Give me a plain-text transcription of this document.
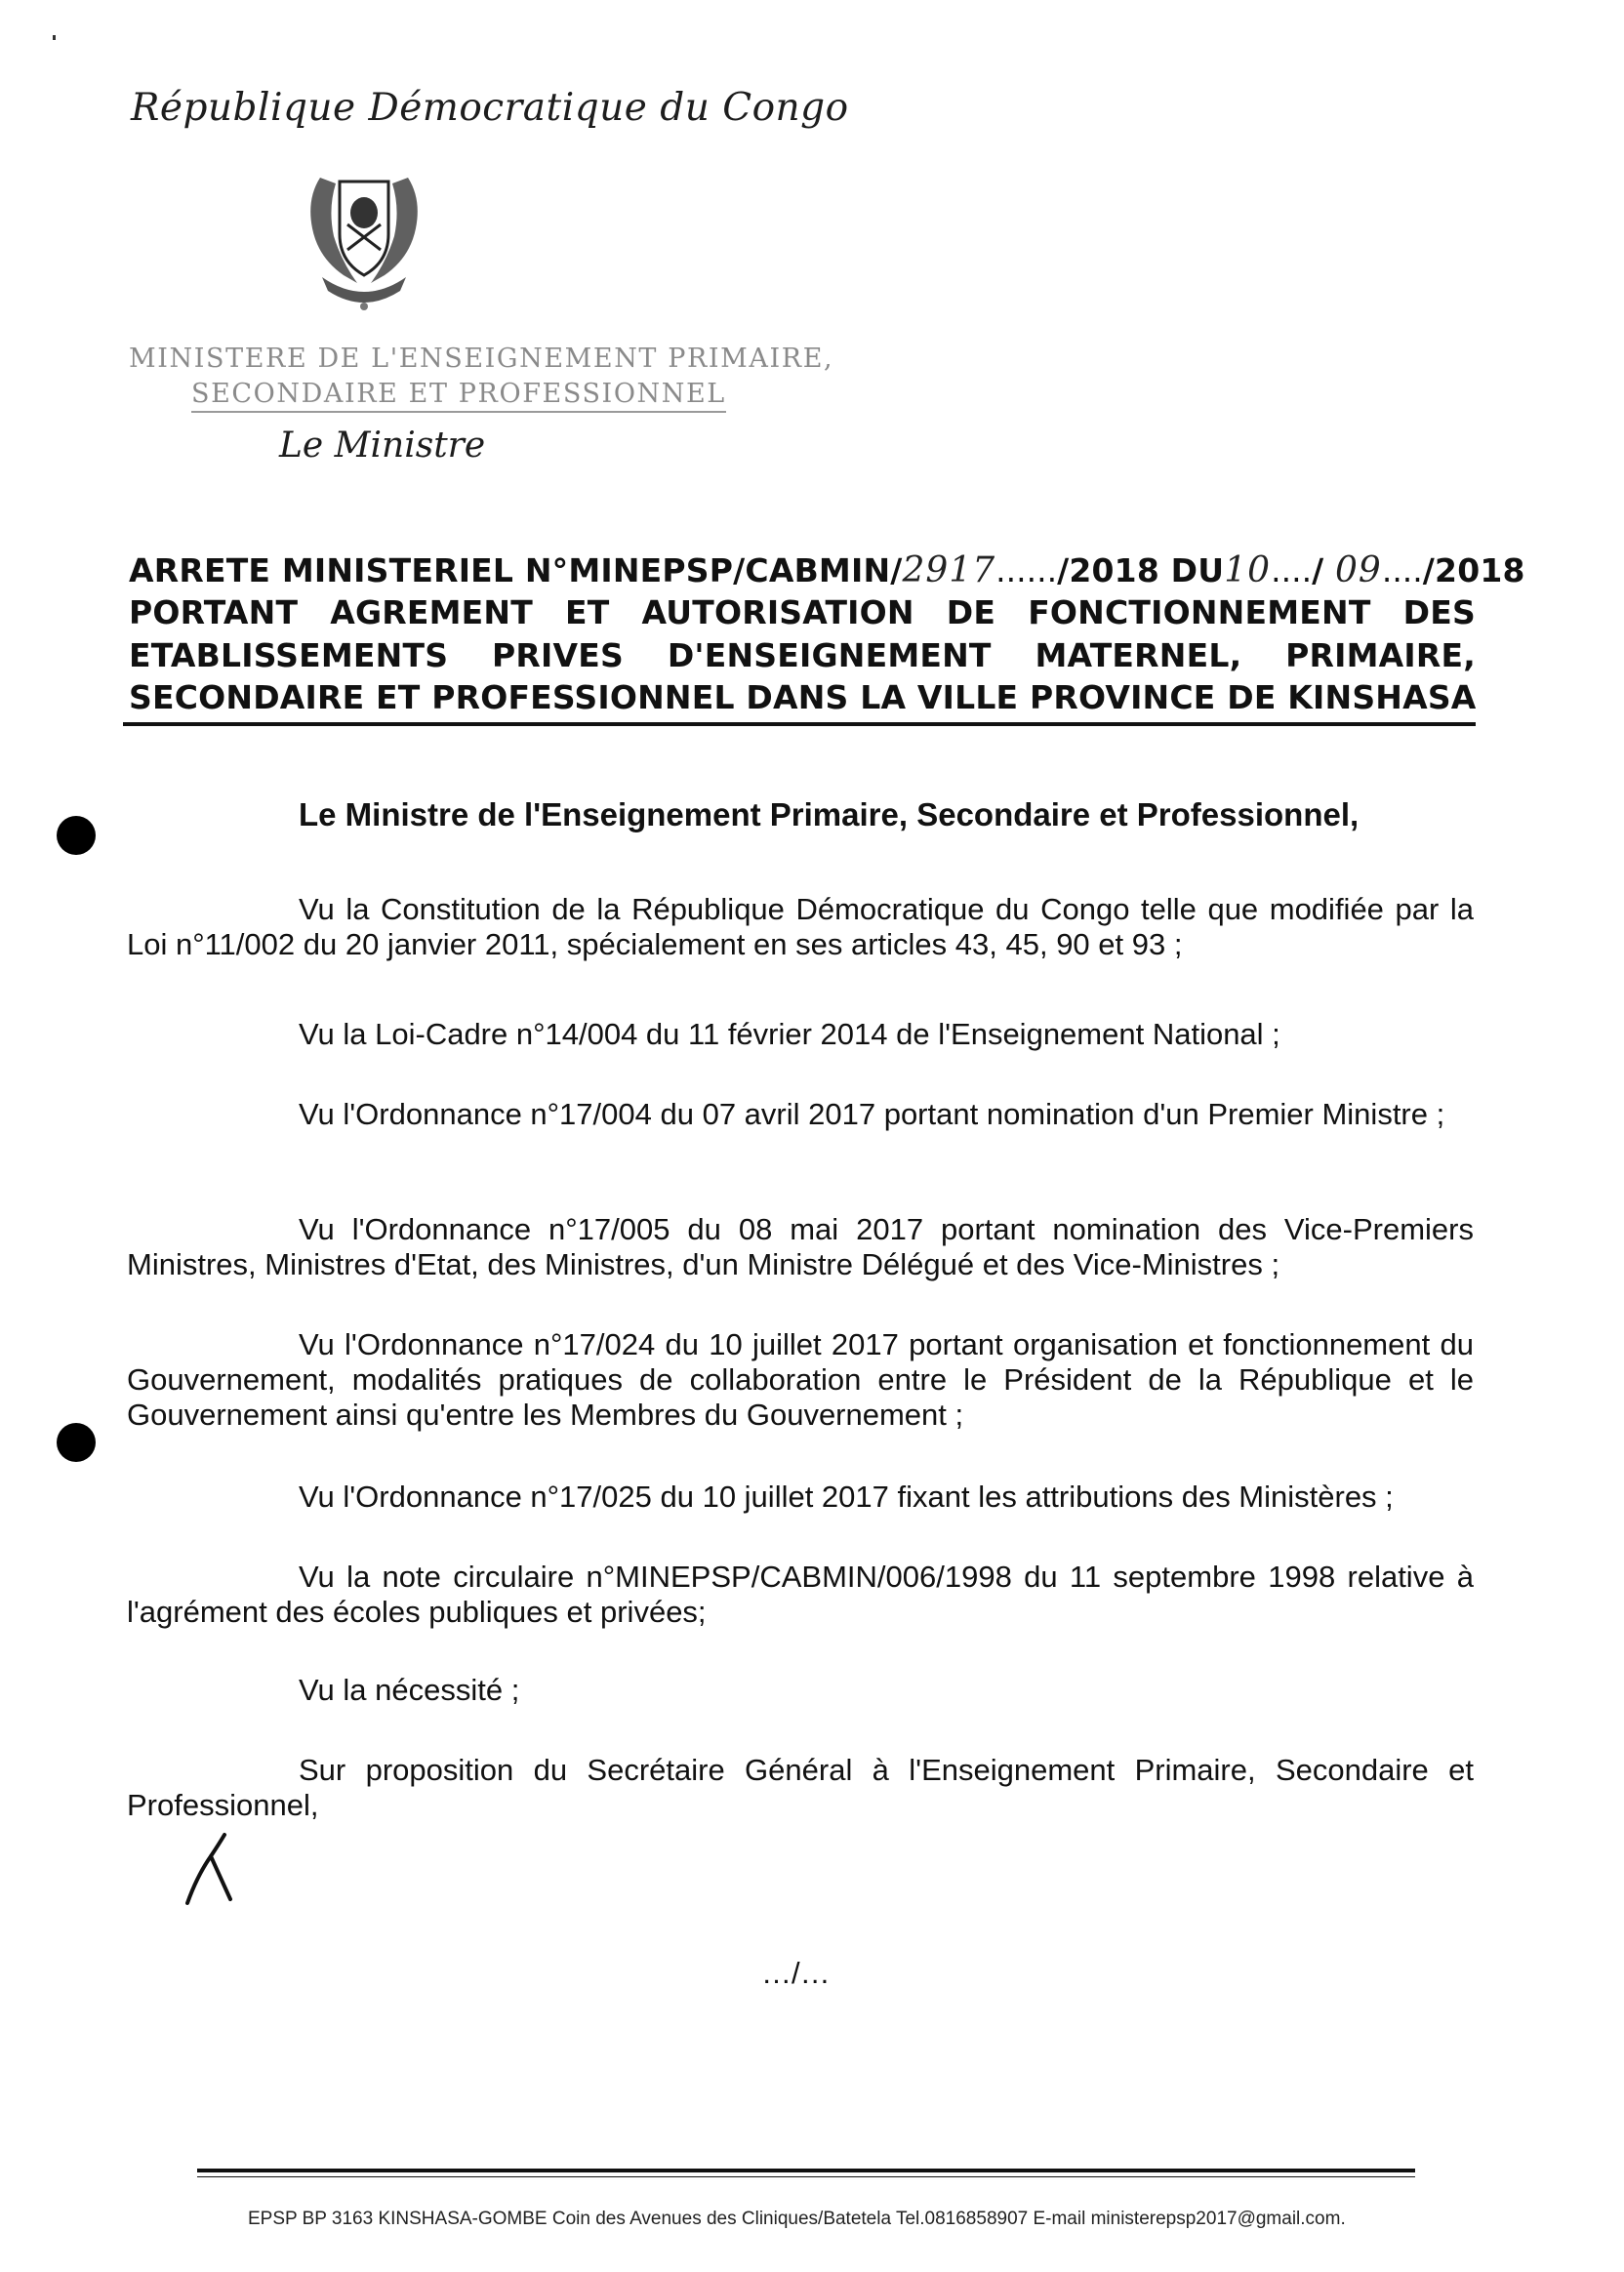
République Démocratique du Congo
MINISTERE DE L'ENSEIGNEMENT PRIMAIRE,
SECONDAIRE ET PROFESSIONNEL
Le Ministre
ARRETE MINISTERIEL N°MINEPSP/CABMIN/2917....../2018 DU10..../ 09..../2018
PORTANT AGREMENT ET AUTORISATION DE FONCTIONNEMENT DES
ETABLISSEMENTS PRIVES D'ENSEIGNEMENT MATERNEL, PRIMAIRE,
SECONDAIRE ET PROFESSIONNEL DANS LA VILLE PROVINCE DE KINSHASA
Le Ministre de l'Enseignement Primaire, Secondaire et Professionnel,
Vu la Constitution de la République Démocratique du Congo telle que modifiée par la Loi n°11/002 du 20 janvier 2011, spécialement en ses articles 43, 45, 90 et 93 ;
Vu la Loi-Cadre n°14/004 du 11 février 2014 de l'Enseignement National ;
Vu l'Ordonnance n°17/004 du 07 avril 2017 portant nomination d'un Premier Ministre ;
Vu l'Ordonnance n°17/005 du 08 mai 2017 portant nomination des Vice-Premiers Ministres, Ministres d'Etat, des Ministres, d'un Ministre Délégué et des Vice-Ministres ;
Vu l'Ordonnance n°17/024 du 10 juillet 2017 portant organisation et fonctionnement du Gouvernement, modalités pratiques de collaboration entre le Président de la République et le Gouvernement ainsi qu'entre les Membres du Gouvernement ;
Vu l'Ordonnance n°17/025 du 10 juillet 2017 fixant les attributions des Ministères ;
Vu la note circulaire n°MINEPSP/CABMIN/006/1998 du 11 septembre 1998 relative à l'agrément des écoles publiques et privées;
Vu la nécessité ;
Sur proposition du Secrétaire Général à l'Enseignement Primaire, Secondaire et Professionnel,
…/…
EPSP BP 3163 KINSHASA-GOMBE Coin des Avenues des Cliniques/Batetela Tel.0816858907 E-mail ministerepsp2017@gmail.com.
